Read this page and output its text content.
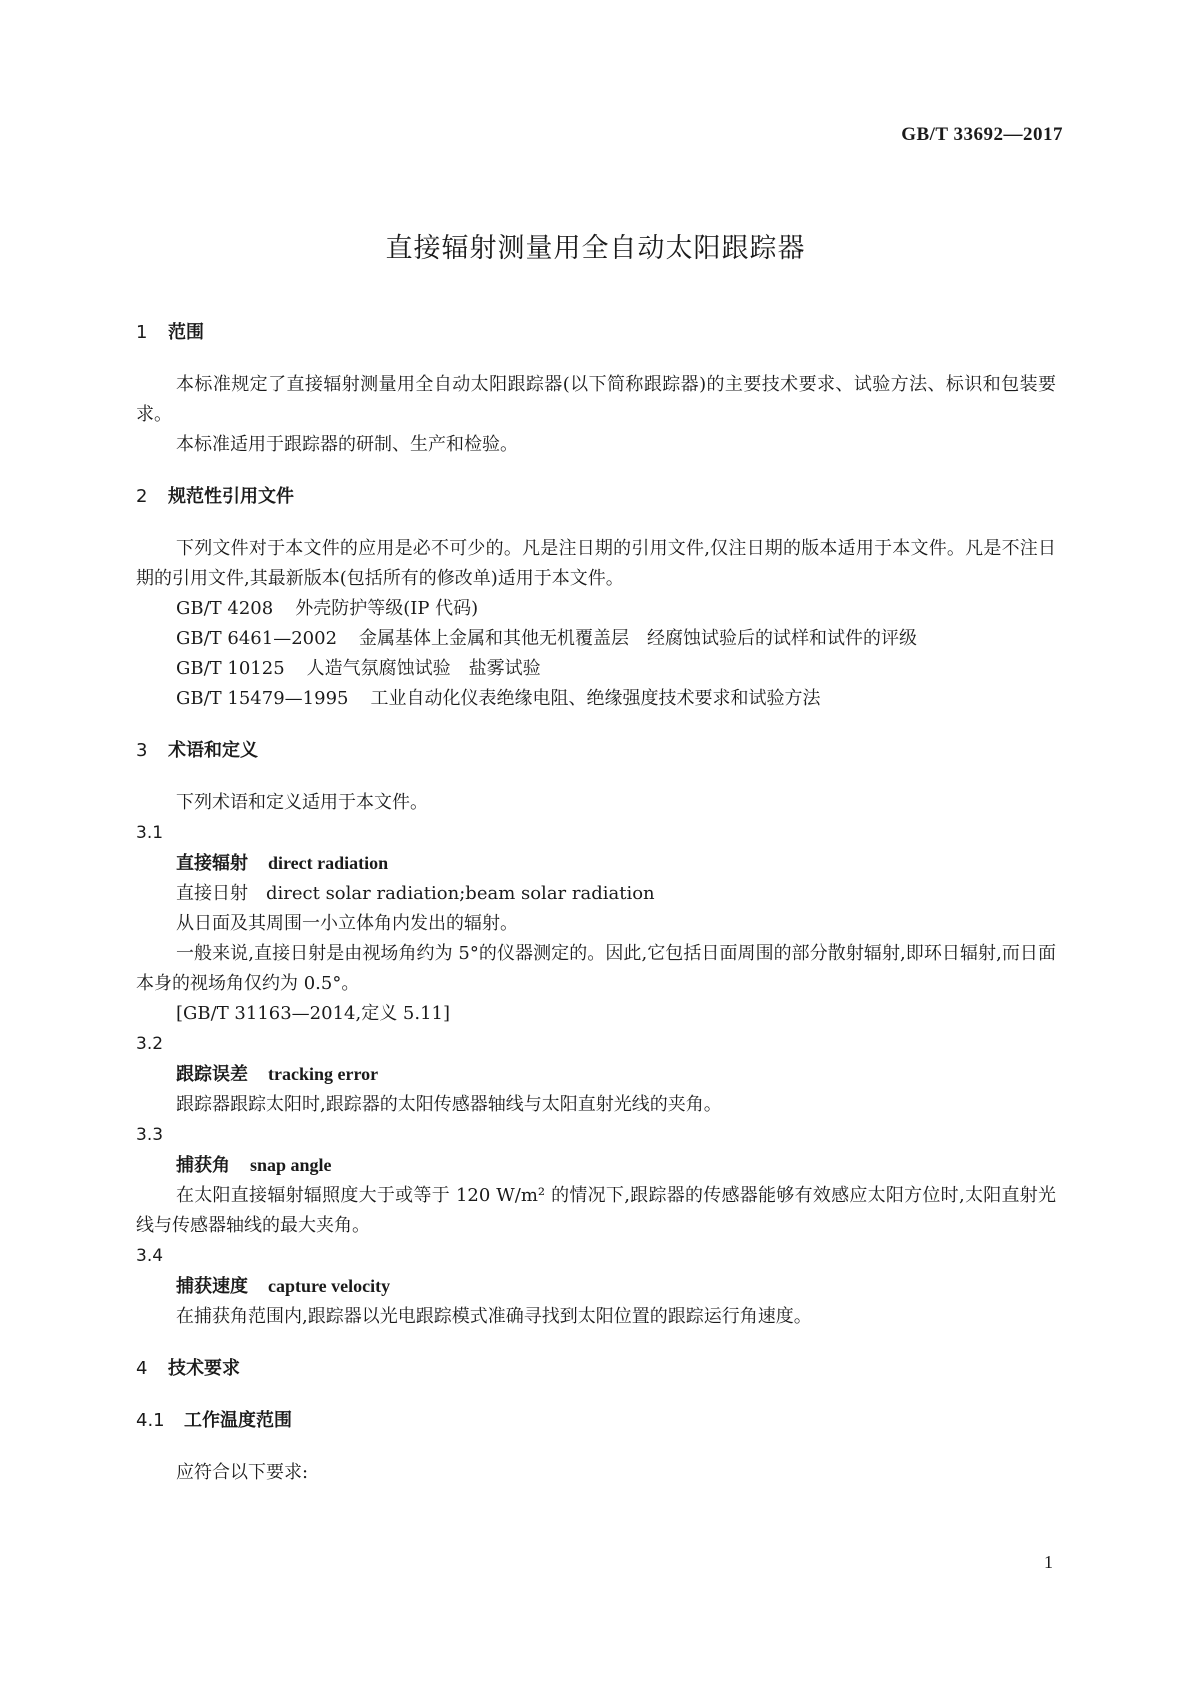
GB/T 33692—2017
直接辐射测量用全自动太阳跟踪器
1 范围

本标准规定了直接辐射测量用全自动太阳跟踪器(以下简称跟踪器)的主要技术要求、试验方法、标识和包装要求。

本标准适用于跟踪器的研制、生产和检验。

2 规范性引用文件

下列文件对于本文件的应用是必不可少的。凡是注日期的引用文件,仅注日期的版本适用于本文件。凡是不注日期的引用文件,其最新版本(包括所有的修改单)适用于本文件。

GB/T 4208 外壳防护等级(IP 代码)

GB/T 6461—2002 金属基体上金属和其他无机覆盖层　经腐蚀试验后的试样和试件的评级

GB/T 10125 人造气氛腐蚀试验　盐雾试验

GB/T 15479—1995 工业自动化仪表绝缘电阻、绝缘强度技术要求和试验方法

3 术语和定义

下列术语和定义适用于本文件。

3.1

直接辐射 direct radiation

直接日射　direct solar radiation;beam solar radiation

从日面及其周围一小立体角内发出的辐射。

一般来说,直接日射是由视场角约为 5°的仪器测定的。因此,它包括日面周围的部分散射辐射,即环日辐射,而日面本身的视场角仅约为 0.5°。

[GB/T 31163—2014,定义 5.11]

3.2

跟踪误差 tracking error

跟踪器跟踪太阳时,跟踪器的太阳传感器轴线与太阳直射光线的夹角。

3.3

捕获角 snap angle

在太阳直接辐射辐照度大于或等于 120 W/m² 的情况下,跟踪器的传感器能够有效感应太阳方位时,太阳直射光线与传感器轴线的最大夹角。

3.4

捕获速度 capture velocity

在捕获角范围内,跟踪器以光电跟踪模式准确寻找到太阳位置的跟踪运行角速度。

4 技术要求
4.1 工作温度范围

应符合以下要求:

1
